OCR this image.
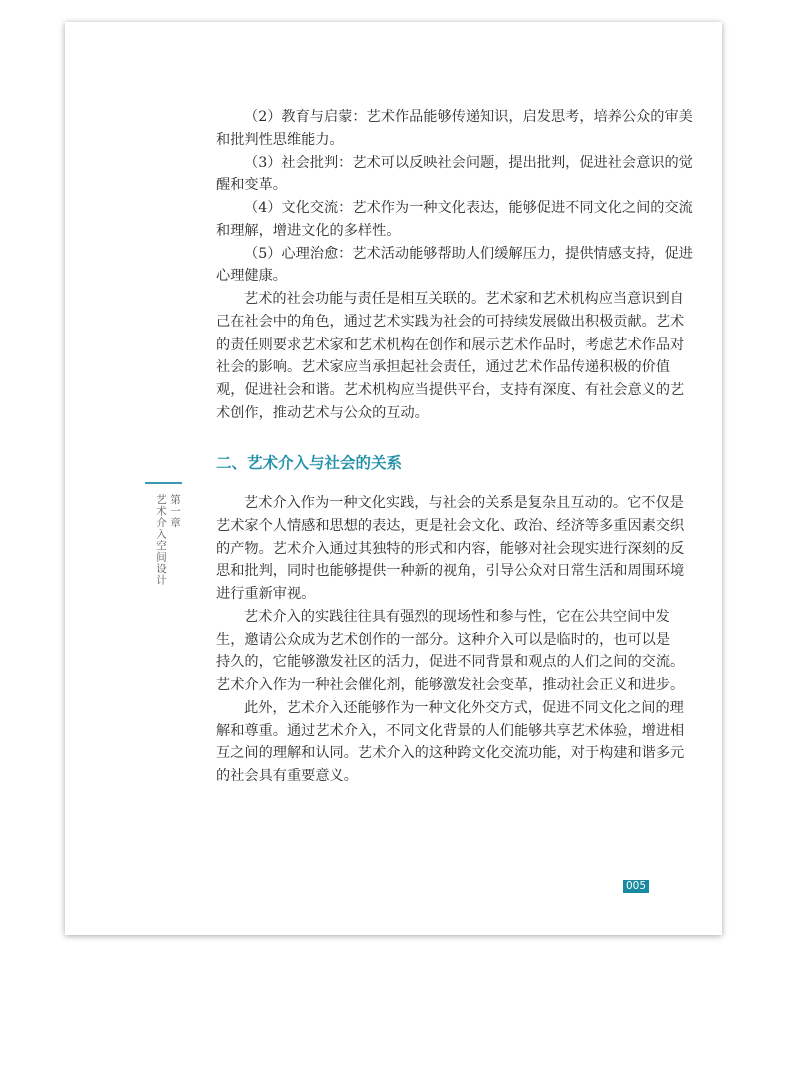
第一章
艺术介入空间设计
（2）教育与启蒙：艺术作品能够传递知识，启发思考，培养公众的审美
和批判性思维能力。
（3）社会批判：艺术可以反映社会问题，提出批判，促进社会意识的觉
醒和变革。
（4）文化交流：艺术作为一种文化表达，能够促进不同文化之间的交流
和理解，增进文化的多样性。
（5）心理治愈：艺术活动能够帮助人们缓解压力，提供情感支持，促进
心理健康。
艺术的社会功能与责任是相互关联的。艺术家和艺术机构应当意识到自
己在社会中的角色，通过艺术实践为社会的可持续发展做出积极贡献。艺术
的责任则要求艺术家和艺术机构在创作和展示艺术作品时，考虑艺术作品对
社会的影响。艺术家应当承担起社会责任，通过艺术作品传递积极的价值
观，促进社会和谐。艺术机构应当提供平台，支持有深度、有社会意义的艺
术创作，推动艺术与公众的互动。
二、艺术介入与社会的关系
艺术介入作为一种文化实践，与社会的关系是复杂且互动的。它不仅是
艺术家个人情感和思想的表达，更是社会文化、政治、经济等多重因素交织
的产物。艺术介入通过其独特的形式和内容，能够对社会现实进行深刻的反
思和批判，同时也能够提供一种新的视角，引导公众对日常生活和周围环境
进行重新审视。
艺术介入的实践往往具有强烈的现场性和参与性，它在公共空间中发
生，邀请公众成为艺术创作的一部分。这种介入可以是临时的，也可以是
持久的，它能够激发社区的活力，促进不同背景和观点的人们之间的交流。
艺术介入作为一种社会催化剂，能够激发社会变革，推动社会正义和进步。
此外，艺术介入还能够作为一种文化外交方式，促进不同文化之间的理
解和尊重。通过艺术介入，不同文化背景的人们能够共享艺术体验，增进相
互之间的理解和认同。艺术介入的这种跨文化交流功能，对于构建和谐多元
的社会具有重要意义。
005
